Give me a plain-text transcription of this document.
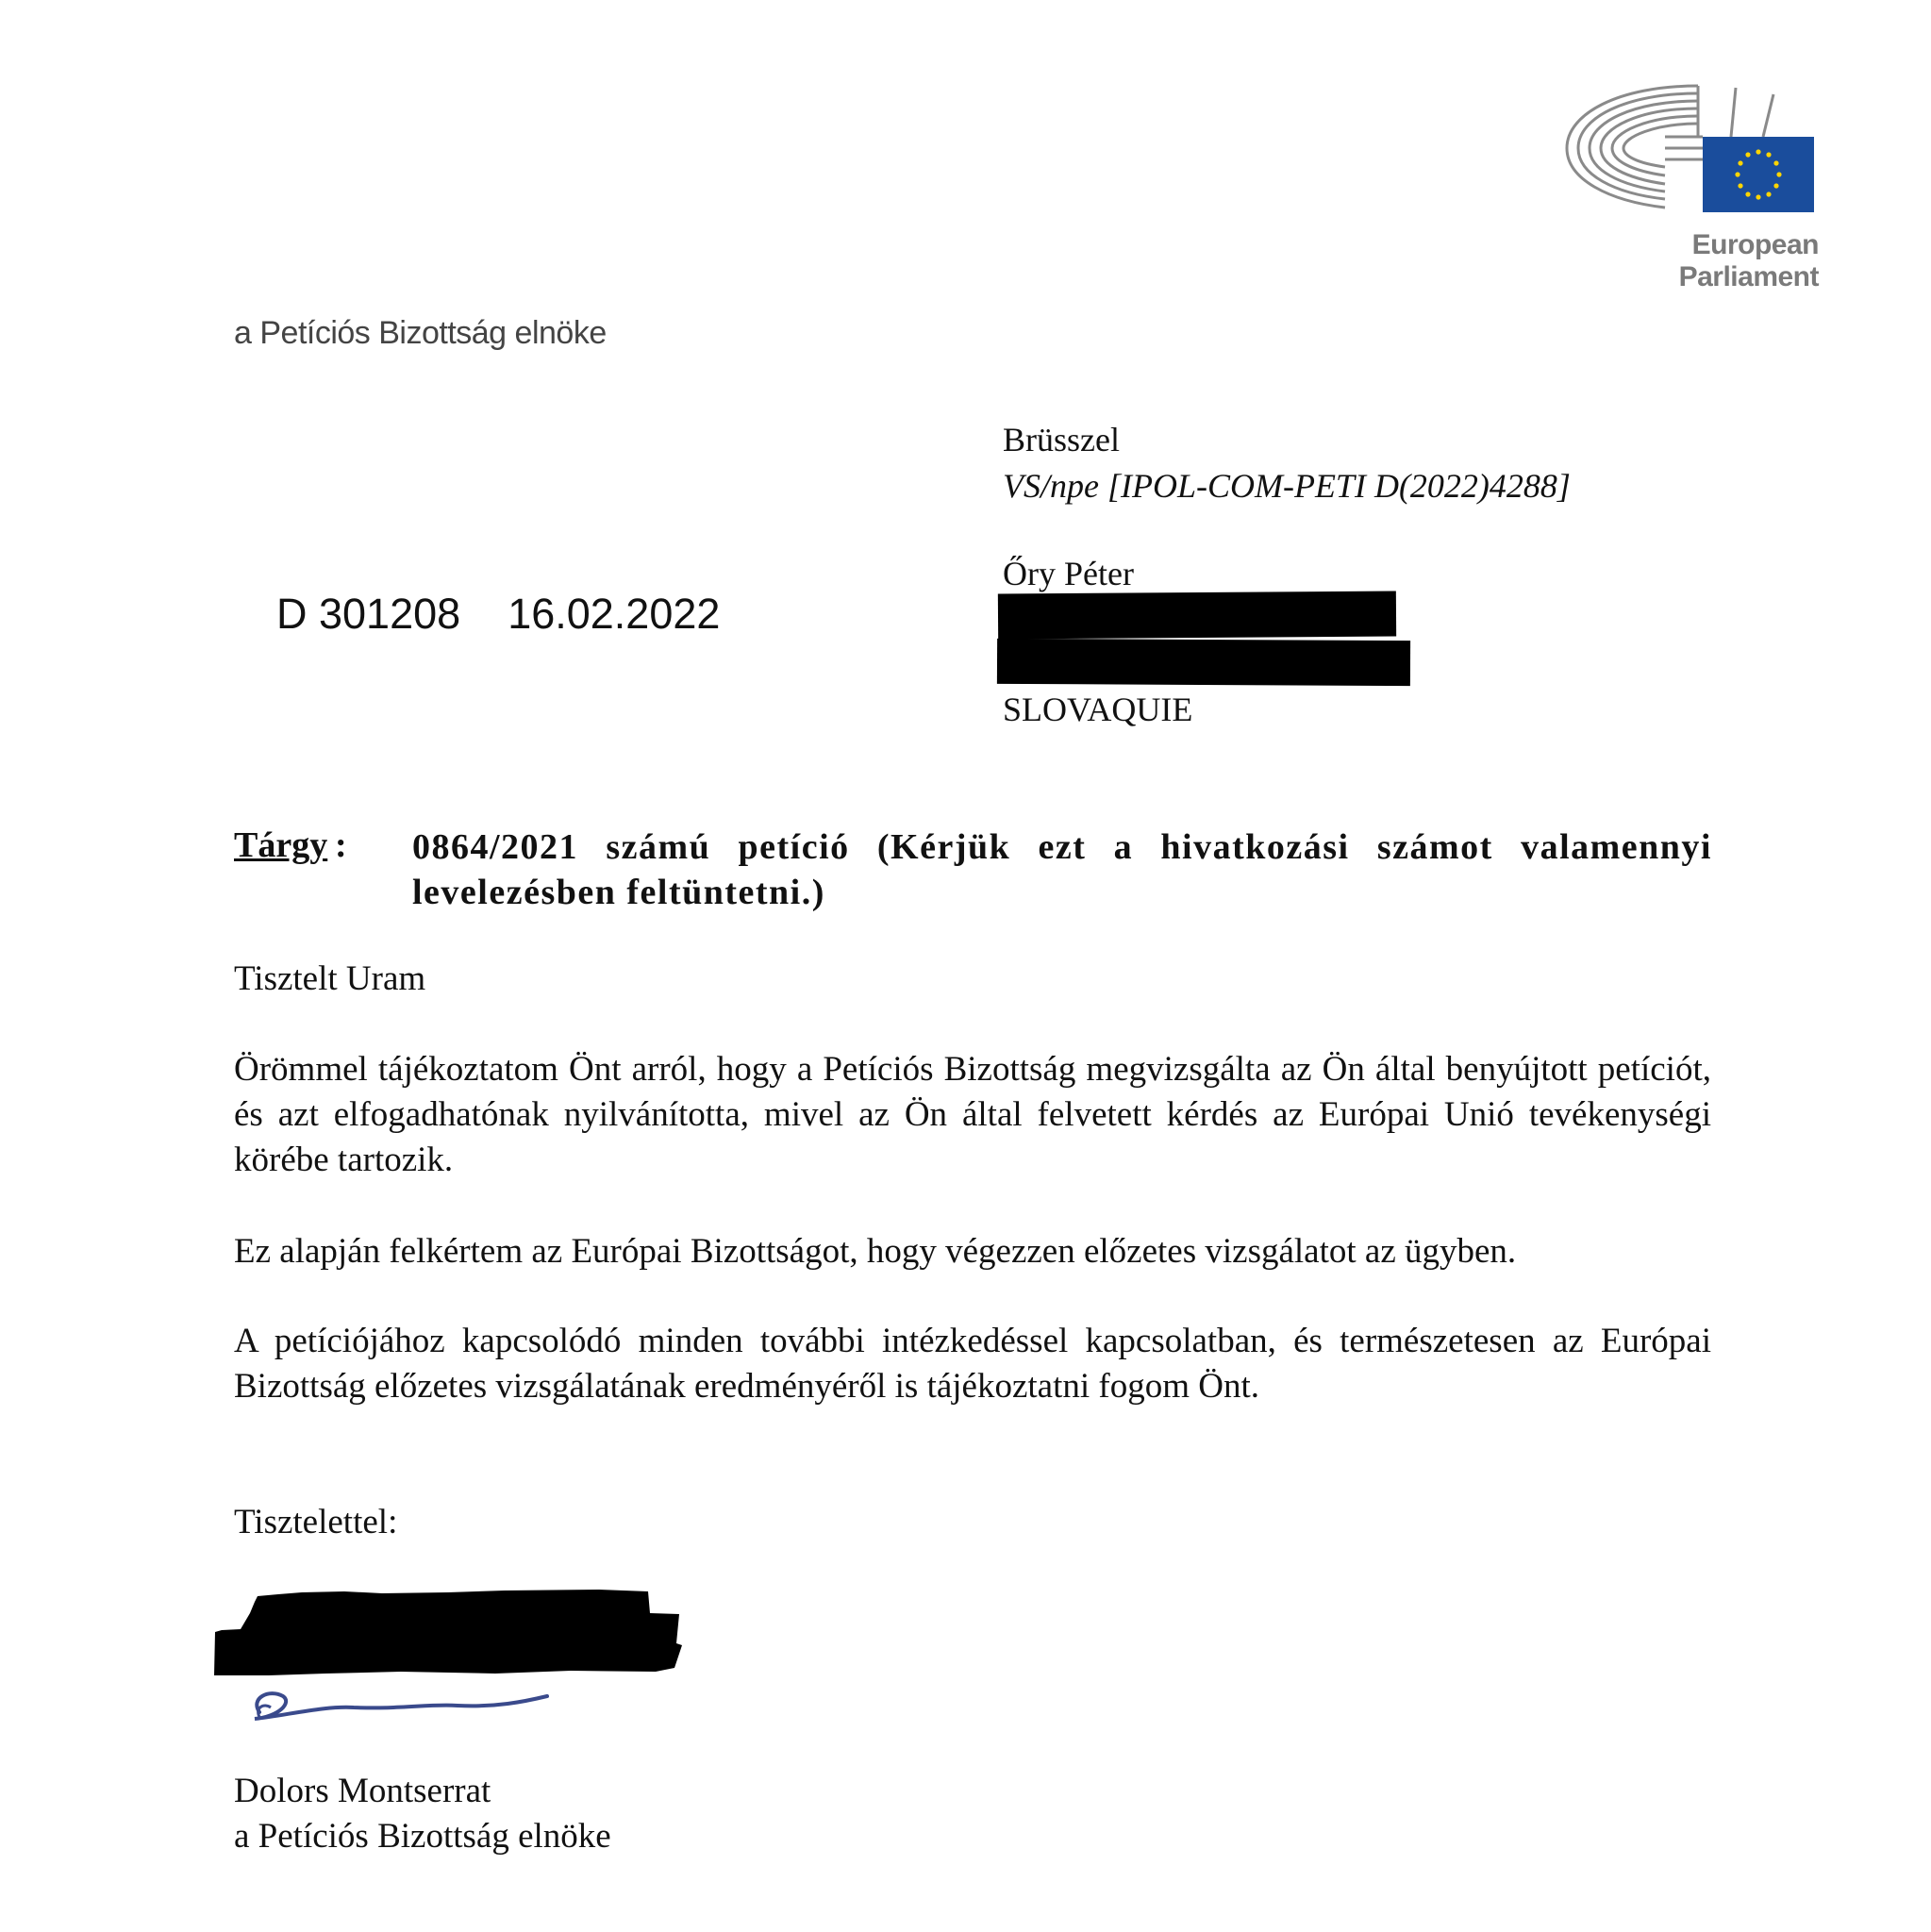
European Parliament
a Petíciós Bizottság elnöke
Brüsszel
VS/npe [IPOL-COM-PETI D(2022)4288]
Őry Péter
SLOVAQUIE
D 301208 16.02.2022
Tárgy : 0864/2021 számú petíció (Kérjük ezt a hivatkozási számot valamennyi levelezésben feltüntetni.)
Tisztelt Uram
Örömmel tájékoztatom Önt arról, hogy a Petíciós Bizottság megvizsgálta az Ön által benyújtott petíciót, és azt elfogadhatónak nyilvánította, mivel az Ön által felvetett kérdés az Európai Unió tevékenységi körébe tartozik.
Ez alapján felkértem az Európai Bizottságot, hogy végezzen előzetes vizsgálatot az ügyben.
A petíciójához kapcsolódó minden további intézkedéssel kapcsolatban, és természetesen az Európai Bizottság előzetes vizsgálatának eredményéről is tájékoztatni fogom Önt.
Tisztelettel:
Dolors Montserrat
a Petíciós Bizottság elnöke
